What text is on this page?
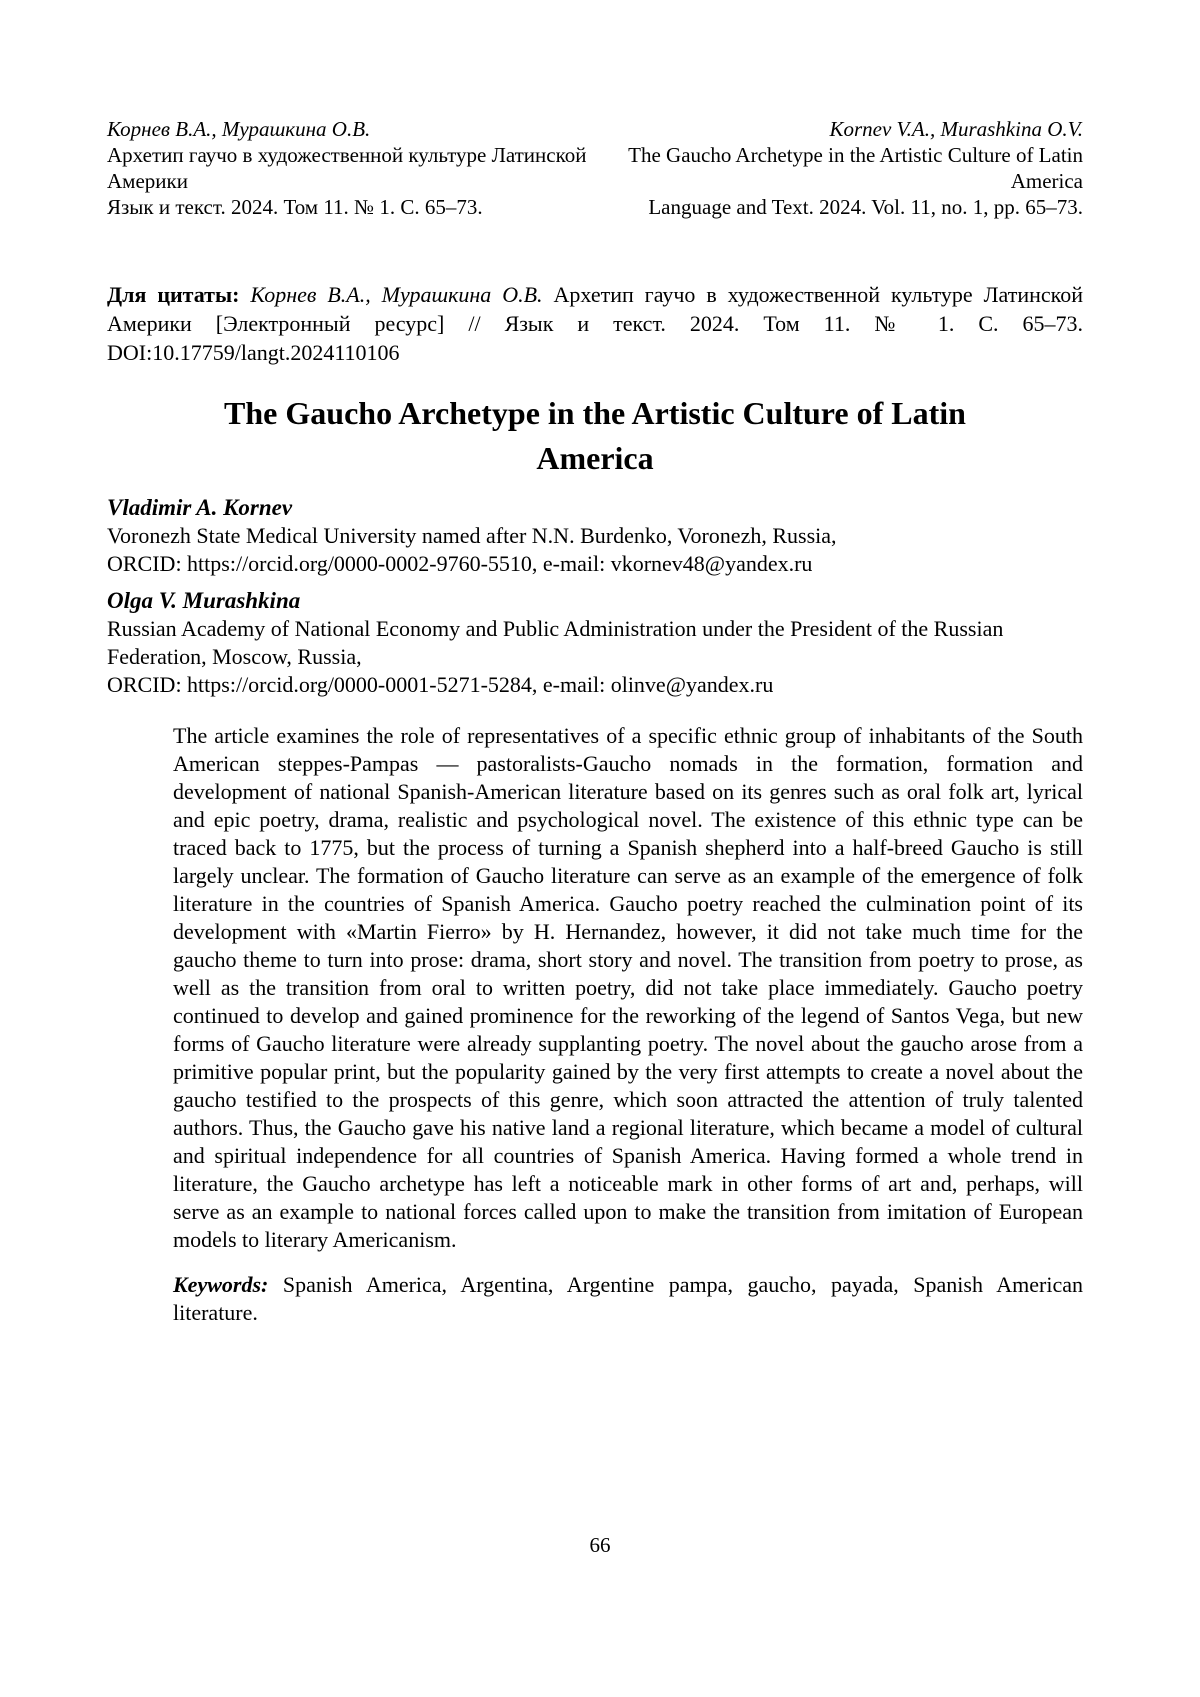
Корнев В.А., Мурашкина О.В.
Архетип гаучо в художественной культуре Латинской
Америки
Язык и текст. 2024. Том 11. № 1. С. 65–73.
Kornev V.A., Murashkina O.V.
The Gaucho Archetype in the Artistic Culture of Latin
America
Language and Text. 2024. Vol. 11, no. 1, pp. 65–73.

Для цитаты: Корнев В.А., Мурашкина О.В. Архетип гаучо в художественной культуре Латинской Америки [Электронный ресурс] // Язык и текст. 2024. Том 11. № 1. С. 65–73. DOI:10.17759/langt.2024110106

The Gaucho Archetype in the Artistic Culture of Latin
America
Vladimir A. Kornev
Voronezh State Medical University named after N.N. Burdenko, Voronezh, Russia,
ORCID: https://orcid.org/0000-0002-9760-5510, e-mail: vkornev48@yandex.ru
Olga V. Murashkina
Russian Academy of National Economy and Public Administration under the President of the Russian Federation, Moscow, Russia,
ORCID: https://orcid.org/0000-0001-5271-5284, e-mail: olinve@yandex.ru

The article examines the role of representatives of a specific ethnic group of inhabitants of the South American steppes-Pampas — pastoralists-Gaucho nomads in the formation, formation and development of national Spanish-American literature based on its genres such as oral folk art, lyrical and epic poetry, drama, realistic and psychological novel. The existence of this ethnic type can be traced back to 1775, but the process of turning a Spanish shepherd into a half-breed Gaucho is still largely unclear. The formation of Gaucho literature can serve as an example of the emergence of folk literature in the countries of Spanish America. Gaucho poetry reached the culmination point of its development with «Martin Fierro» by H. Hernandez, however, it did not take much time for the gaucho theme to turn into prose: drama, short story and novel. The transition from poetry to prose, as well as the transition from oral to written poetry, did not take place immediately. Gaucho poetry continued to develop and gained prominence for the reworking of the legend of Santos Vega, but new forms of Gaucho literature were already supplanting poetry. The novel about the gaucho arose from a primitive popular print, but the popularity gained by the very first attempts to create a novel about the gaucho testified to the prospects of this genre, which soon attracted the attention of truly talented authors. Thus, the Gaucho gave his native land a regional literature, which became a model of cultural and spiritual independence for all countries of Spanish America. Having formed a whole trend in literature, the Gaucho archetype has left a noticeable mark in other forms of art and, perhaps, will serve as an example to national forces called upon to make the transition from imitation of European models to literary Americanism.

Keywords: Spanish America, Argentina, Argentine pampa, gaucho, payada, Spanish American literature.

66
